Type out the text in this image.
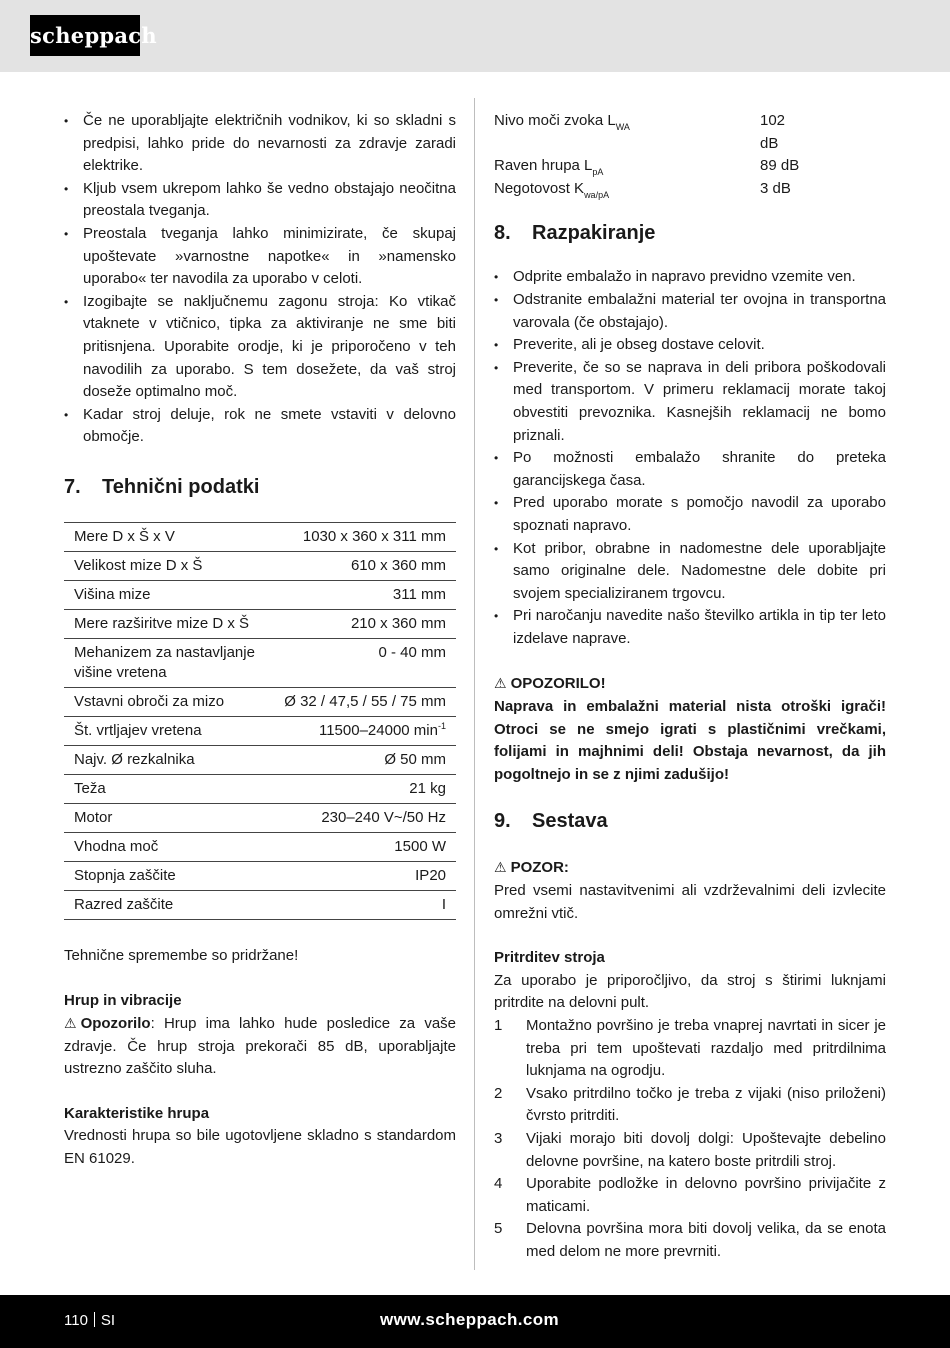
scheppach
• Če ne uporabljajte električnih vodnikov, ki so skladni s predpisi, lahko pride do nevarnosti za zdravje zaradi elektrike.
• Kljub vsem ukrepom lahko še vedno obstajajo neočitna preostala tveganja.
• Preostala tveganja lahko minimizirate, če skupaj upoštevate »varnostne napotke« in »namensko uporabo« ter navodila za uporabo v celoti.
• Izogibajte se naključnemu zagonu stroja: Ko vtikač vtaknete v vtičnico, tipka za aktiviranje ne sme biti pritisnjena. Uporabite orodje, ki je priporočeno v teh navodilih za uporabo. S tem dosežete, da vaš stroj doseže optimalno moč.
• Kadar stroj deluje, rok ne smete vstaviti v delovno območje.
7. Tehnični podatki
Mere D x Š x V	1030 x 360 x 311 mm
Velikost mize D x Š	610 x 360 mm
Višina mize	311 mm
Mere razširitve mize D x Š	210 x 360 mm
Mehanizem za nastavljanje višine vretena	0 - 40 mm
Vstavni obroči za mizo	Ø 32 / 47,5 / 55 / 75 mm
Št. vrtljajev vretena	11500–24000 $\min^{-1}$
Najv. Ø rezkalnika	Ø 50 mm
Teža	21 kg
Motor	230–240 V~/50 Hz
Vhodna moč	1500 W
Stopnja zaščite	IP20
Razred zaščite	I

Tehnične spremembe so pridržane!

Hrup in vibracije

⚠ Opozorilo: Hrup ima lahko hude posledice za vaše zdravje. Če hrup stroja prekorači 85 dB, uporabljajte ustrezno zaščito sluha.

Karakteristike hrupa

Vrednosti hrupa so bile ugotovljene skladno s standardom EN 61029.

Nivo moči zvoka $L_{WA}$	102 dB
Raven hrupa $L_{pA}$	89 dB
Negotovost $K_{wa/pA}$	3 dB
8. Razpakiranje
• Odprite embalažo in napravo previdno vzemite ven.
• Odstranite embalažni material ter ovojna in transportna varovala (če obstajajo).
• Preverite, ali je obseg dostave celovit.
• Preverite, če so se naprava in deli pribora poškodovali med transportom. V primeru reklamacij morate takoj obvestiti prevoznika. Kasnejših reklamacij ne bomo priznali.
• Po možnosti embalažo shranite do preteka garancijskega časa.
• Pred uporabo morate s pomočjo navodil za uporabo spoznati napravo.
• Kot pribor, obrabne in nadomestne dele uporabljajte samo originalne dele. Nadomestne dele dobite pri svojem specializiranem trgovcu.
• Pri naročanju navedite našo številko artikla in tip ter leto izdelave naprave.

⚠ OPOZORILO!

Naprava in embalažni material nista otroški igrači! Otroci se ne smejo igrati s plastičnimi vrečkami, folijami in majhnimi deli! Obstaja nevarnost, da jih pogoltnejo in se z njimi zadušijo!

9. Sestava

⚠ POZOR:

Pred vsemi nastavitvenimi ali vzdrževalnimi deli izvlecite omrežni vtič.

Pritrditev stroja

Za uporabo je priporočljivo, da stroj s štirimi luknjami pritrdite na delovni pult.

1 Montažno površino je treba vnaprej navrtati in sicer je treba pri tem upoštevati razdaljo med pritrdilnima luknjama na ogrodju.
2 Vsako pritrdilno točko je treba z vijaki (niso priloženi) čvrsto pritrditi.
3 Vijaki morajo biti dovolj dolgi: Upoštevajte debelino delovne površine, na katero boste pritrdili stroj.
4 Uporabite podložke in delovno površino privijačite z maticami.
5 Delovna površina mora biti dovolj velika, da se enota med delom ne more prevrniti.
110 SI	www.scheppach.com
